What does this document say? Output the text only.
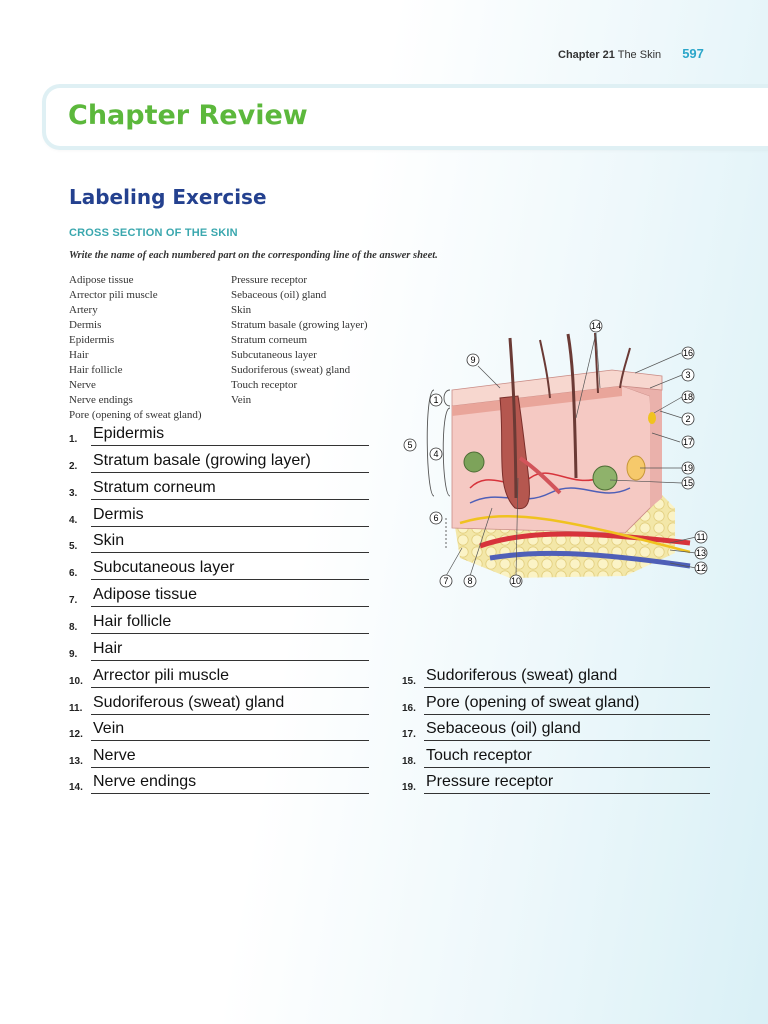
Chapter 21 The Skin 597
Chapter Review
Labeling Exercise
CROSS SECTION OF THE SKIN
Write the name of each numbered part on the corresponding line of the answer sheet.
Adipose tissue
Arrector pili muscle
Artery
Dermis
Epidermis
Hair
Hair follicle
Nerve
Nerve endings
Pore (opening of sweat gland)
Pressure receptor
Sebaceous (oil) gland
Skin
Stratum basale (growing layer)
Stratum corneum
Subcutaneous layer
Sudoriferous (sweat) gland
Touch receptor
Vein
1. Epidermis
2. Stratum basale (growing layer)
3. Stratum corneum
4. Dermis
5. Skin
6. Subcutaneous layer
7. Adipose tissue
8. Hair follicle
9. Hair
10. Arrector pili muscle
11. Sudoriferous (sweat) gland
12. Vein
13. Nerve
14. Nerve endings
15. Sudoriferous (sweat) gland
16. Pore (opening of sweat gland)
17. Sebaceous (oil) gland
18. Touch receptor
19. Pressure receptor
1
2
3
4
5
6
7 8
9
10
11
12
13
14
15
16
17
18
19
